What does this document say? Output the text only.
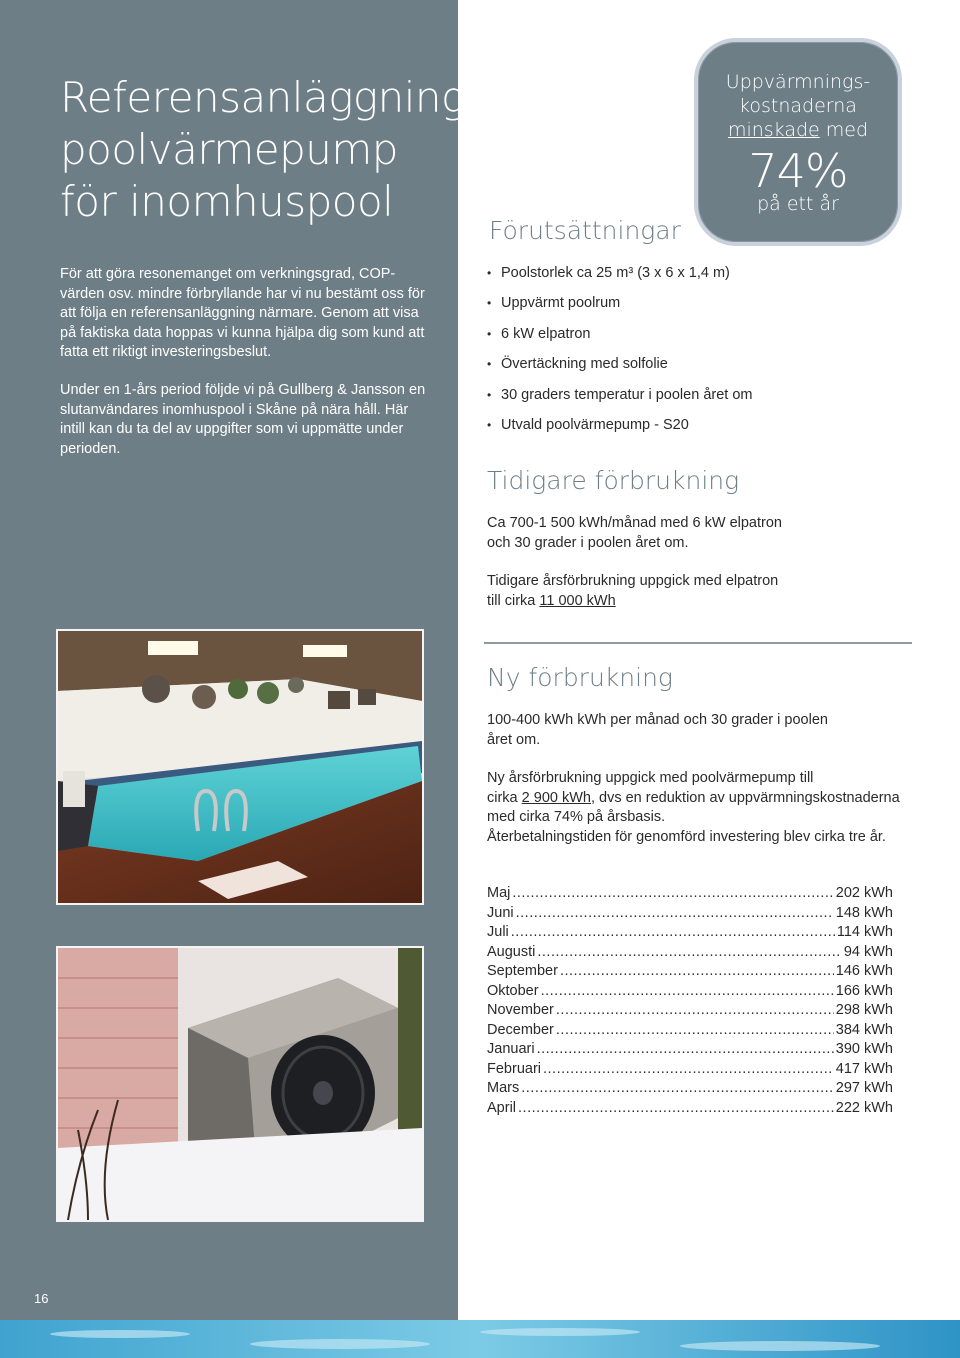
Referensanläggning
poolvärmepump
för inomhuspool

För att göra resonemanget om verkningsgrad, COP-värden osv. mindre förbryllande har vi nu bestämt oss för att följa en referensanläggning närmare. Genom att visa på faktiska data hoppas vi kunna hjälpa dig som kund att fatta ett riktigt investeringsbeslut.

Under en 1-års period följde vi på Gullberg & Jansson en slutanvändares inomhuspool i Skåne på nära håll. Här intill kan du ta del av uppgifter som vi uppmätte under perioden.

16
Uppvärmnings-
kostnaderna
minskade med
74%
på ett år
Förutsättningar
• Poolstorlek ca 25 m³ (3 x 6 x 1,4 m)
• Uppvärmt poolrum
• 6 kW elpatron
• Övertäckning med solfolie
• 30 graders temperatur i poolen året om
• Utvald poolvärmepump - S20
Tidigare förbrukning

Ca 700-1 500 kWh/månad med 6 kW elpatron
och 30 grader i poolen året om.

Tidigare årsförbrukning uppgick med elpatron
till cirka 11 000 kWh

Ny förbrukning

100-400 kWh kWh per månad och 30 grader i poolen
året om.

Ny årsförbrukning uppgick med poolvärmepump till
cirka 2 900 kWh, dvs en reduktion av uppvärmningskostnaderna
med cirka 74% på årsbasis.
Återbetalningstiden för genomförd investering blev cirka tre år.

Maj .....	202 kWh
Juni .....	148 kWh
Juli .....	114 kWh
Augusti .....	94 kWh
September .....	146 kWh
Oktober .....	166 kWh
November .....	298 kWh
December .....	384 kWh
Januari .....	390 kWh
Februari .....	417 kWh
Mars .....	297 kWh
April .....	222 kWh
